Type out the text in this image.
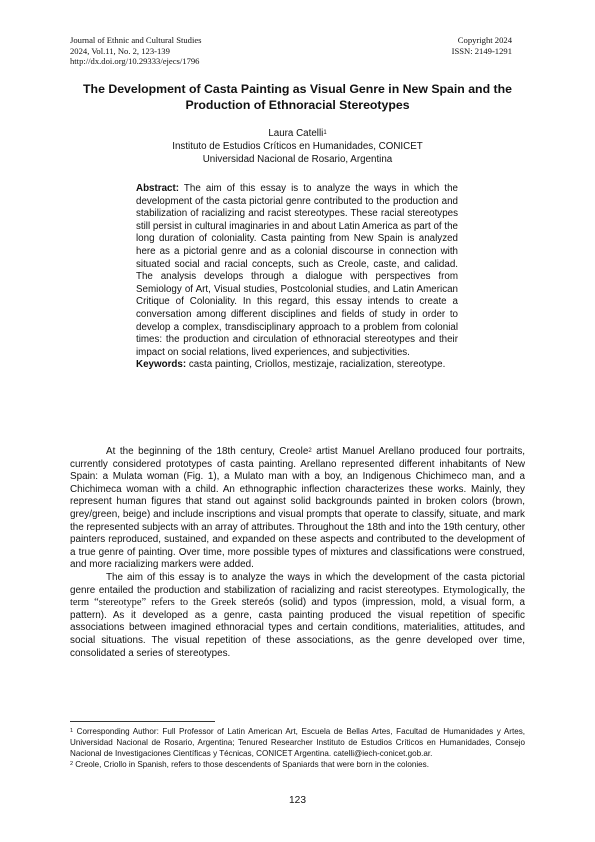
Journal of Ethnic and Cultural Studies
2024, Vol.11, No. 2, 123-139
http://dx.doi.org/10.29333/ejecs/1796
Copyright 2024
ISSN: 2149-1291
The Development of Casta Painting as Visual Genre in New Spain and the Production of Ethnoracial Stereotypes
Laura Catelli$^1$
Instituto de Estudios Críticos en Humanidades, CONICET
Universidad Nacional de Rosario, Argentina

Abstract: The aim of this essay is to analyze the ways in which the development of the casta pictorial genre contributed to the production and stabilization of racializing and racist stereotypes. These racial stereotypes still persist in cultural imaginaries in and about Latin America as part of the long duration of coloniality. Casta painting from New Spain is analyzed here as a pictorial genre and as a colonial discourse in connection with situated social and racial concepts, such as Creole, caste, and calidad. The analysis develops through a dialogue with perspectives from Semiology of Art, Visual studies, Postcolonial studies, and Latin American Critique of Coloniality. In this regard, this essay intends to create a conversation among different disciplines and fields of study in order to develop a complex, transdisciplinary approach to a problem from colonial times: the production and circulation of ethnoracial stereotypes and their impact on social relations, lived experiences, and subjectivities.

Keywords: casta painting, Criollos, mestizaje, racialization, stereotype.

At the beginning of the 18th century, Creole$^2$ artist Manuel Arellano produced four portraits, currently considered prototypes of casta painting. Arellano represented different inhabitants of New Spain: a Mulata woman (Fig. 1), a Mulato man with a boy, an Indigenous Chichimeco man, and a Chichimeca woman with a child. An ethnographic inflection characterizes these works. Mainly, they represent human figures that stand out against solid backgrounds painted in broken colors (brown, grey/green, beige) and include inscriptions and visual prompts that operate to classify, situate, and mark the represented subjects with an array of attributes. Throughout the 18th and into the 19th century, other painters reproduced, sustained, and expanded on these aspects and contributed to the development of a true genre of painting. Over time, more possible types of mixtures and classifications were construed, and more racializing markers were added.

The aim of this essay is to analyze the ways in which the development of the casta pictorial genre entailed the production and stabilization of racializing and racist stereotypes. Etymologically, the term “stereotype” refers to the Greek stereós (solid) and typos (impression, mold, a visual form, a pattern). As it developed as a genre, casta painting produced the visual repetition of specific associations between imagined ethnoracial types and certain conditions, materialities, attitudes, and social situations. The visual repetition of these associations, as the genre developed over time, consolidated a series of stereotypes.

$^1$ Corresponding Author: Full Professor of Latin American Art, Escuela de Bellas Artes, Facultad de Humanidades y Artes, Universidad Nacional de Rosario, Argentina; Tenured Researcher Instituto de Estudios Críticos en Humanidades, Consejo Nacional de Investigaciones Científicas y Técnicas, CONICET Argentina. catelli@iech-conicet.gob.ar.

$^2$ Creole, Criollo in Spanish, refers to those descendents of Spaniards that were born in the colonies.

123
